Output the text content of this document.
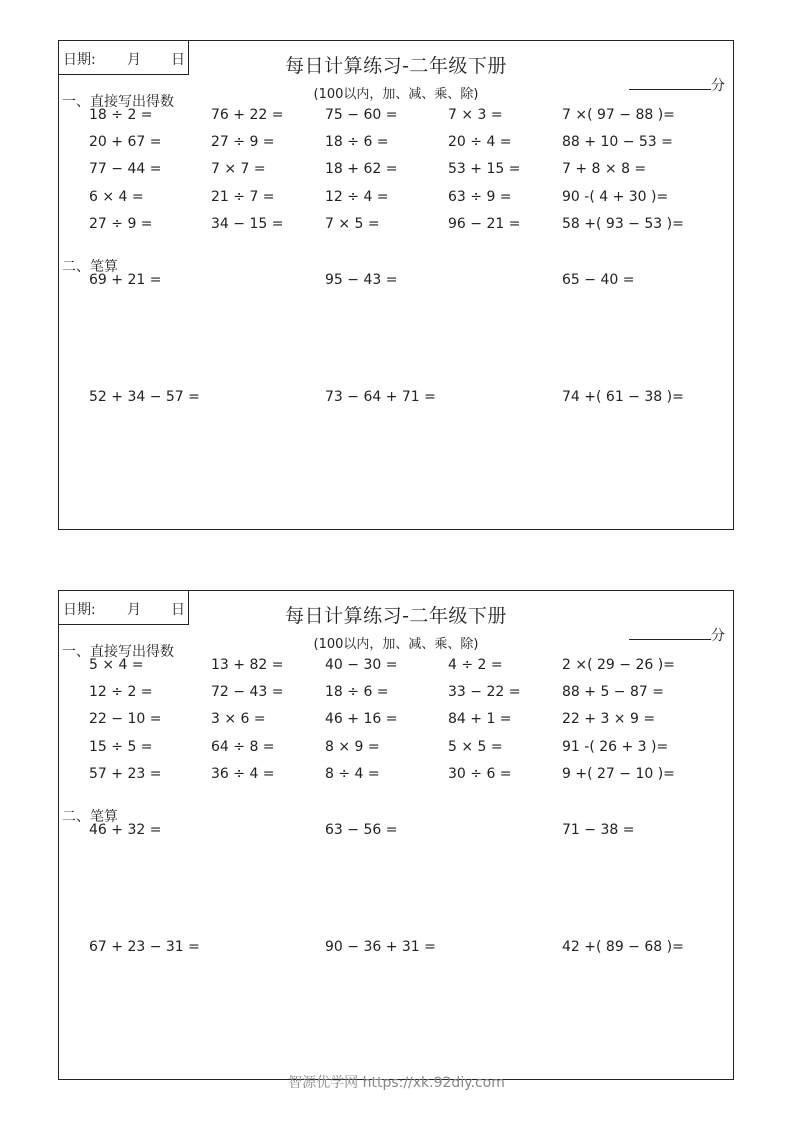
日期: 月 日	每日计算练习-二年级下册
(100以内，加、减、乘、除)
分
一、直接写出得数
18 ÷ 2 =	76 + 22 =	75 − 60 =	7 × 3 =	7 ×( 97 − 88 )=
20 + 67 =	27 ÷ 9 =	18 ÷ 6 =	20 ÷ 4 =	88 + 10 − 53 =
77 − 44 =	7 × 7 =	18 + 62 =	53 + 15 =	7 + 8 × 8 =
6 × 4 =	21 ÷ 7 =	12 ÷ 4 =	63 ÷ 9 =	90 -( 4 + 30 )=
27 ÷ 9 =	34 − 15 =	7 × 5 =	96 − 21 =	58 +( 93 − 53 )=
二、笔算
69 + 21 =	95 − 43 =	65 − 40 =
52 + 34 − 57 =	73 − 64 + 71 =	74 +( 61 − 38 )=
日期: 月 日	每日计算练习-二年级下册
(100以内，加、减、乘、除)
分
一、直接写出得数
5 × 4 =	13 + 82 =	40 − 30 =	4 ÷ 2 =	2 ×( 29 − 26 )=
12 ÷ 2 =	72 − 43 =	18 ÷ 6 =	33 − 22 =	88 + 5 − 87 =
22 − 10 =	3 × 6 =	46 + 16 =	84 + 1 =	22 + 3 × 9 =
15 ÷ 5 =	64 ÷ 8 =	8 × 9 =	5 × 5 =	91 -( 26 + 3 )=
57 + 23 =	36 ÷ 4 =	8 ÷ 4 =	30 ÷ 6 =	9 +( 27 − 10 )=
二、笔算
46 + 32 =	63 − 56 =	71 − 38 =
67 + 23 − 31 =	90 − 36 + 31 =	42 +( 89 − 68 )=
智源优学网 https://xk.92diy.com
